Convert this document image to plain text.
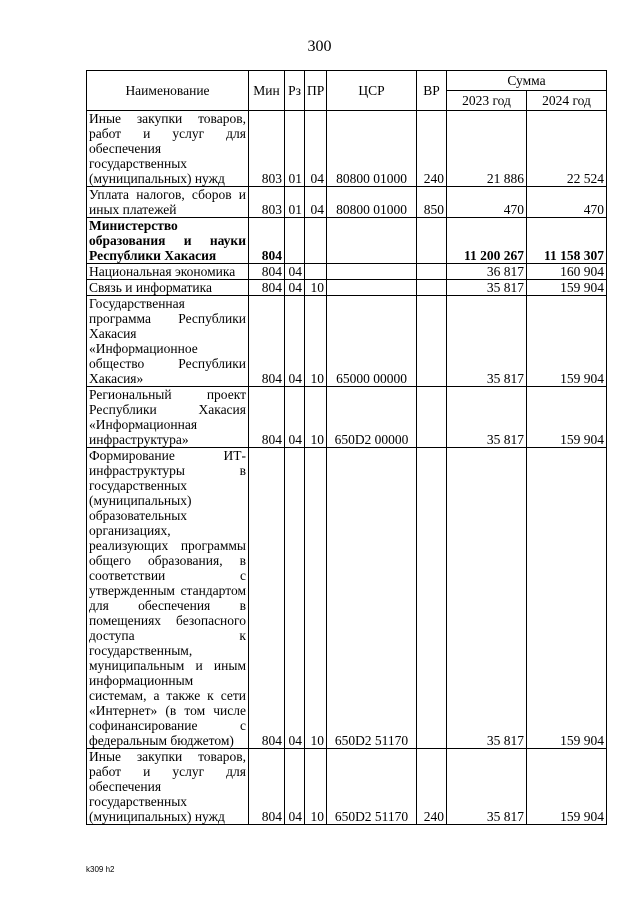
300
Наименование	Мин	Рз	ПР	ЦСР	ВР	Сумма	
						2023 год	2024 год
Иные закупки товаров, работ и услуг для обеспечения государственных (муниципальных) нужд	803	01	04	80800 01000	240	21 886	22 524
Уплата налогов, сборов и иных платежей	803	01	04	80800 01000	850	470	470
Министерство образования и науки Республики Хакасия	804					11 200 267	11 158 307
Национальная экономика	804	04				36 817	160 904
Связь и информатика	804	04	10			35 817	159 904
Государственная программа Республики Хакасия «Информационное общество Республики Хакасия»	804	04	10	65000 00000		35 817	159 904
Региональный проект Республики Хакасия «Информационная инфраструктура»	804	04	10	650D2 00000		35 817	159 904
Формирование ИТ-инфраструктуры в государственных (муниципальных) образовательных организациях, реализующих программы общего образования, в соответствии с утвержденным стандартом для обеспечения в помещениях безопасного доступа к государственным, муниципальным и иным информационным системам, а также к сети «Интернет» (в том числе софинансирование с федеральным бюджетом)	804	04	10	650D2 51170		35 817	159 904
Иные закупки товаров, работ и услуг для обеспечения государственных (муниципальных) нужд	804	04	10	650D2 51170	240	35 817	159 904
k309 h2
